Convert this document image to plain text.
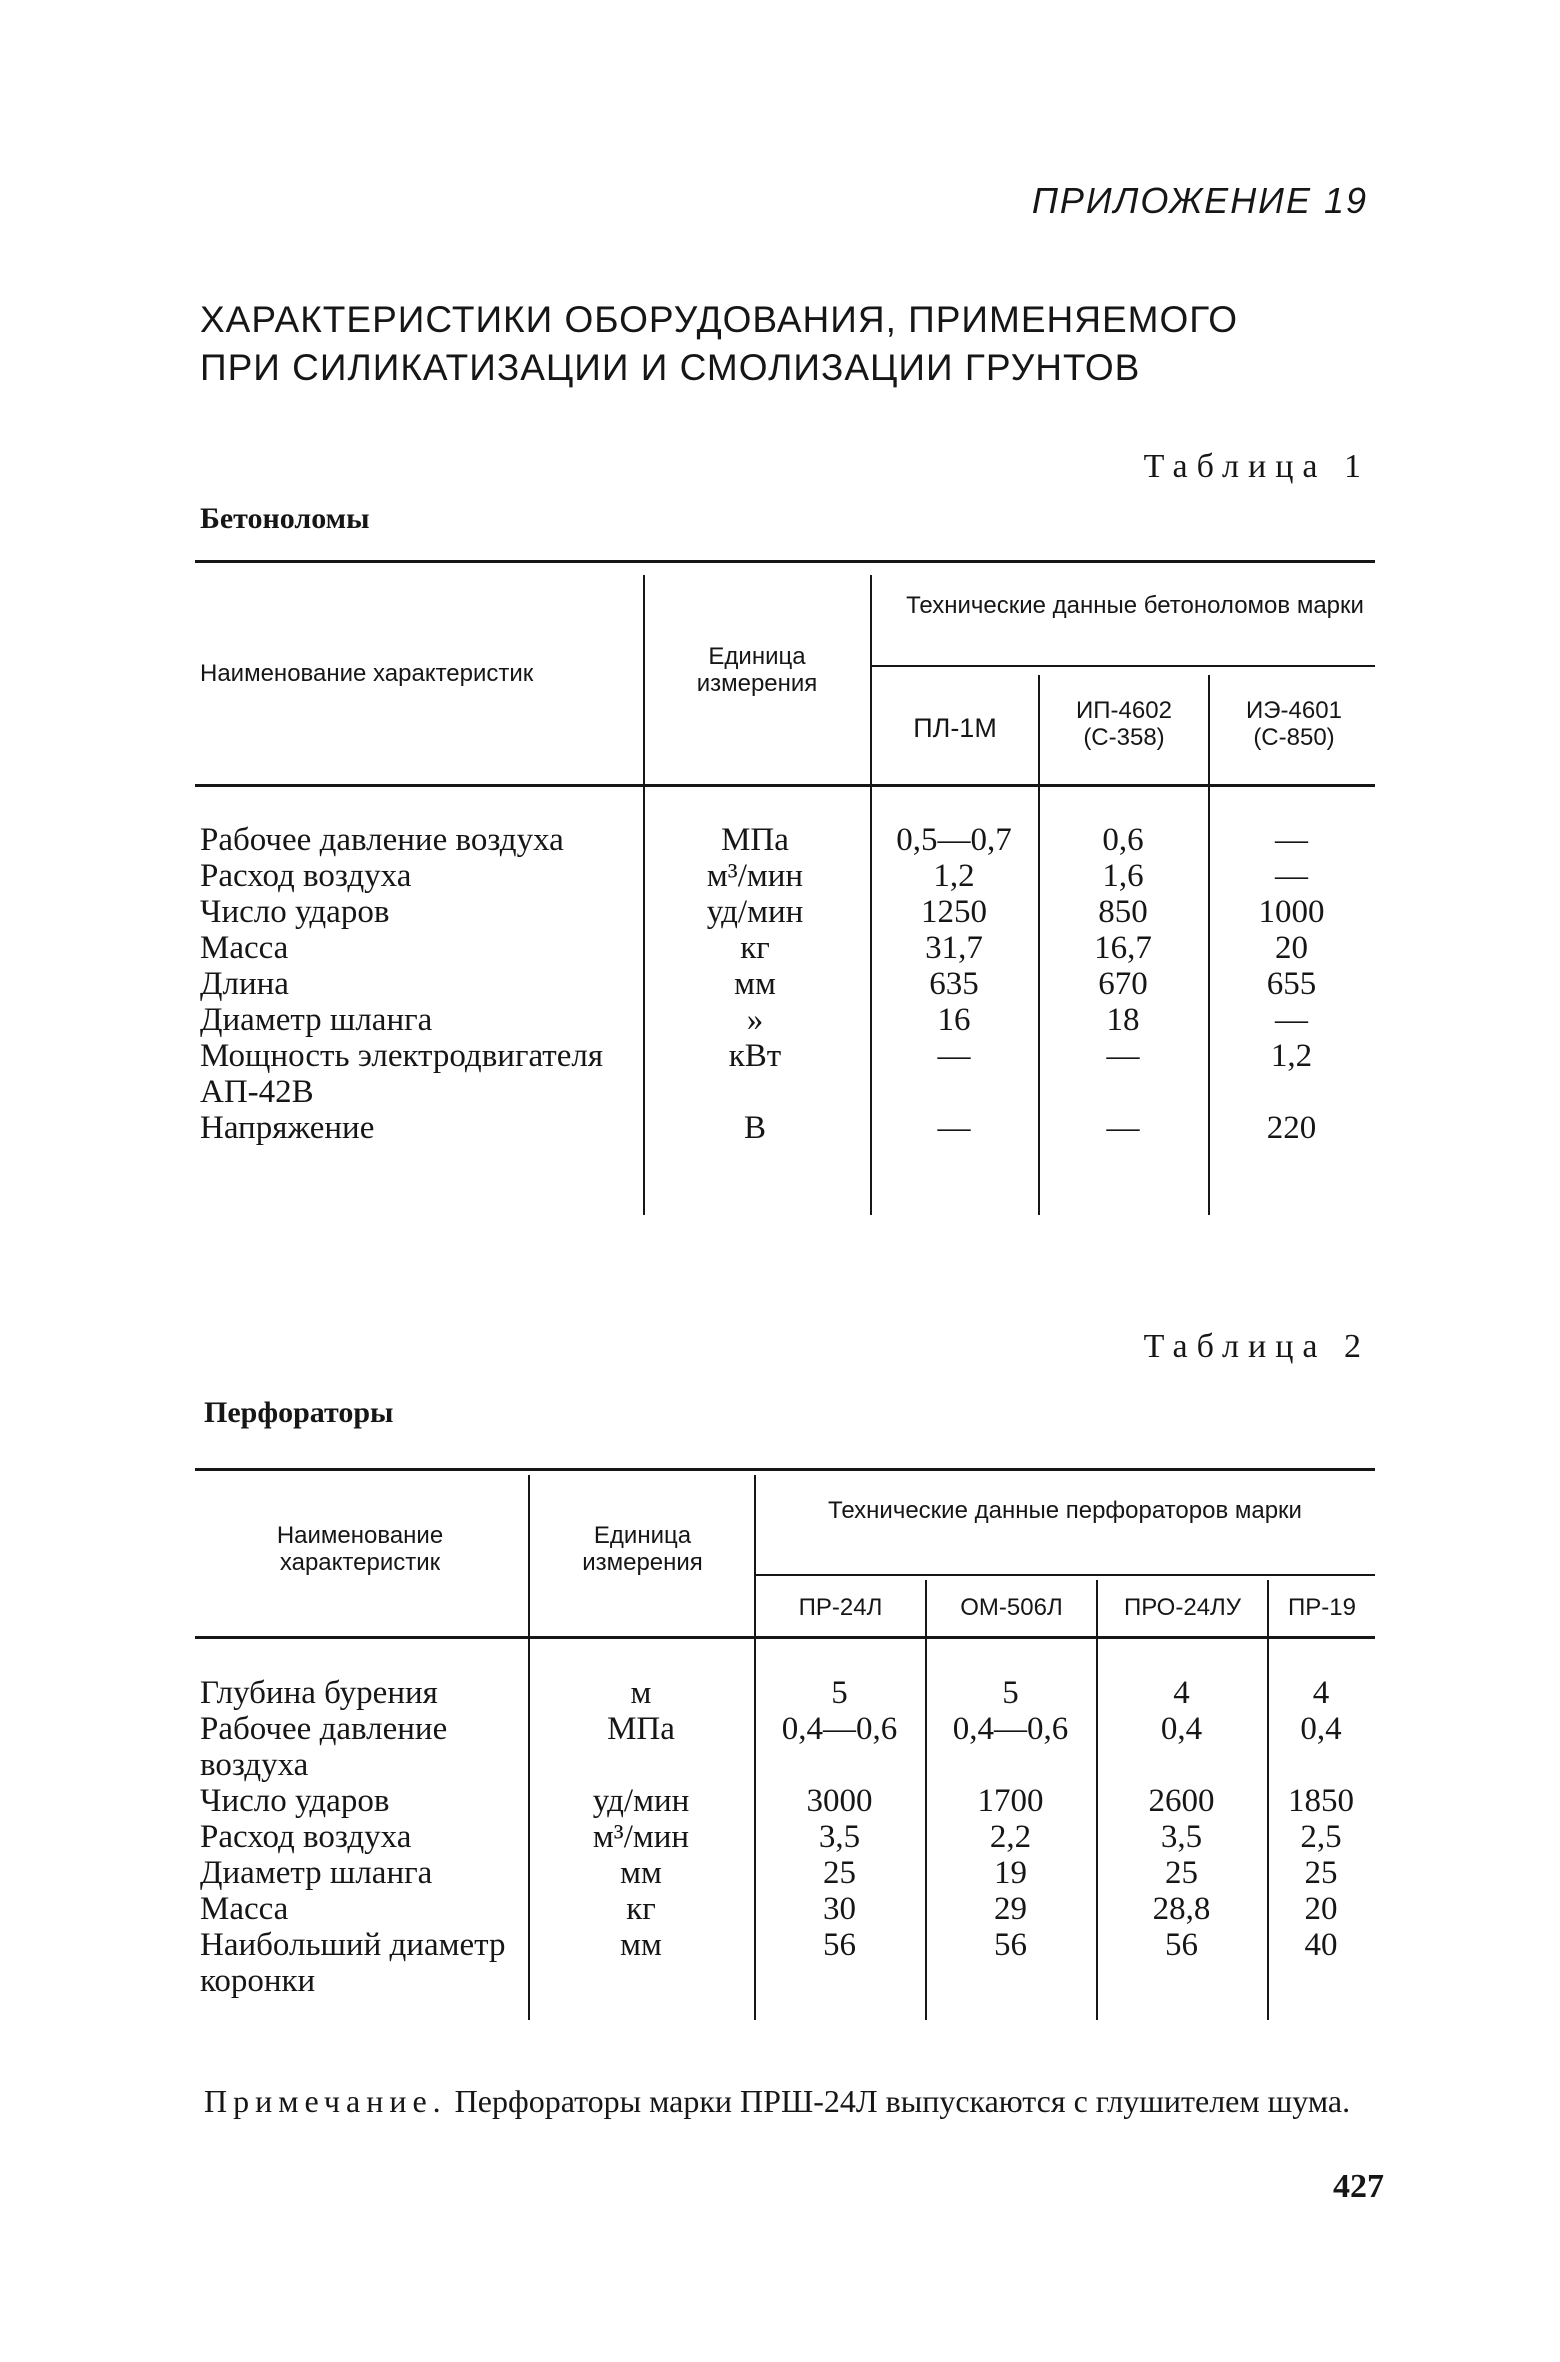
ПРИЛОЖЕНИЕ 19
ХАРАКТЕРИСТИКИ ОБОРУДОВАНИЯ, ПРИМЕНЯЕМОГО
ПРИ СИЛИКАТИЗАЦИИ И СМОЛИЗАЦИИ ГРУНТОВ
Таблица 1
Бетоноломы
Наименование характеристик
Единица измерения
Технические данные бетоноломов марки
ПЛ-1М
ИП-4602 (С-358)
ИЭ-4601 (С-850)
Рабочее давление воздуха	МПа	0,5—0,7	0,6	—
Расход воздуха	м³/мин	1,2	1,6	—
Число ударов	уд/мин	1250	850	1000
Масса	кг	31,7	16,7	20
Длина	мм	635	670	655
Диаметр шланга	»	16	18	—
Мощность электродвигателя АП-42В	кВт	—	—	1,2
Напряжение	В	—	—	220
Таблица 2
Перфораторы
Наименование характеристик
Единица измерения
Технические данные перфораторов марки
ПР-24Л	ОМ-506Л	ПРО-24ЛУ	ПР-19
Глубина бурения	м	5	5	4	4
Рабочее давление воздуха	МПа	0,4—0,6	0,4—0,6	0,4	0,4
Число ударов	уд/мин	3000	1700	2600	1850
Расход воздуха	м³/мин	3,5	2,2	3,5	2,5
Диаметр шланга	мм	25	19	25	25
Масса	кг	30	29	28,8	20
Наибольший диаметр коронки	мм	56	56	56	40
Примечание. Перфораторы марки ПРШ-24Л выпускаются с глушителем шума.
427
